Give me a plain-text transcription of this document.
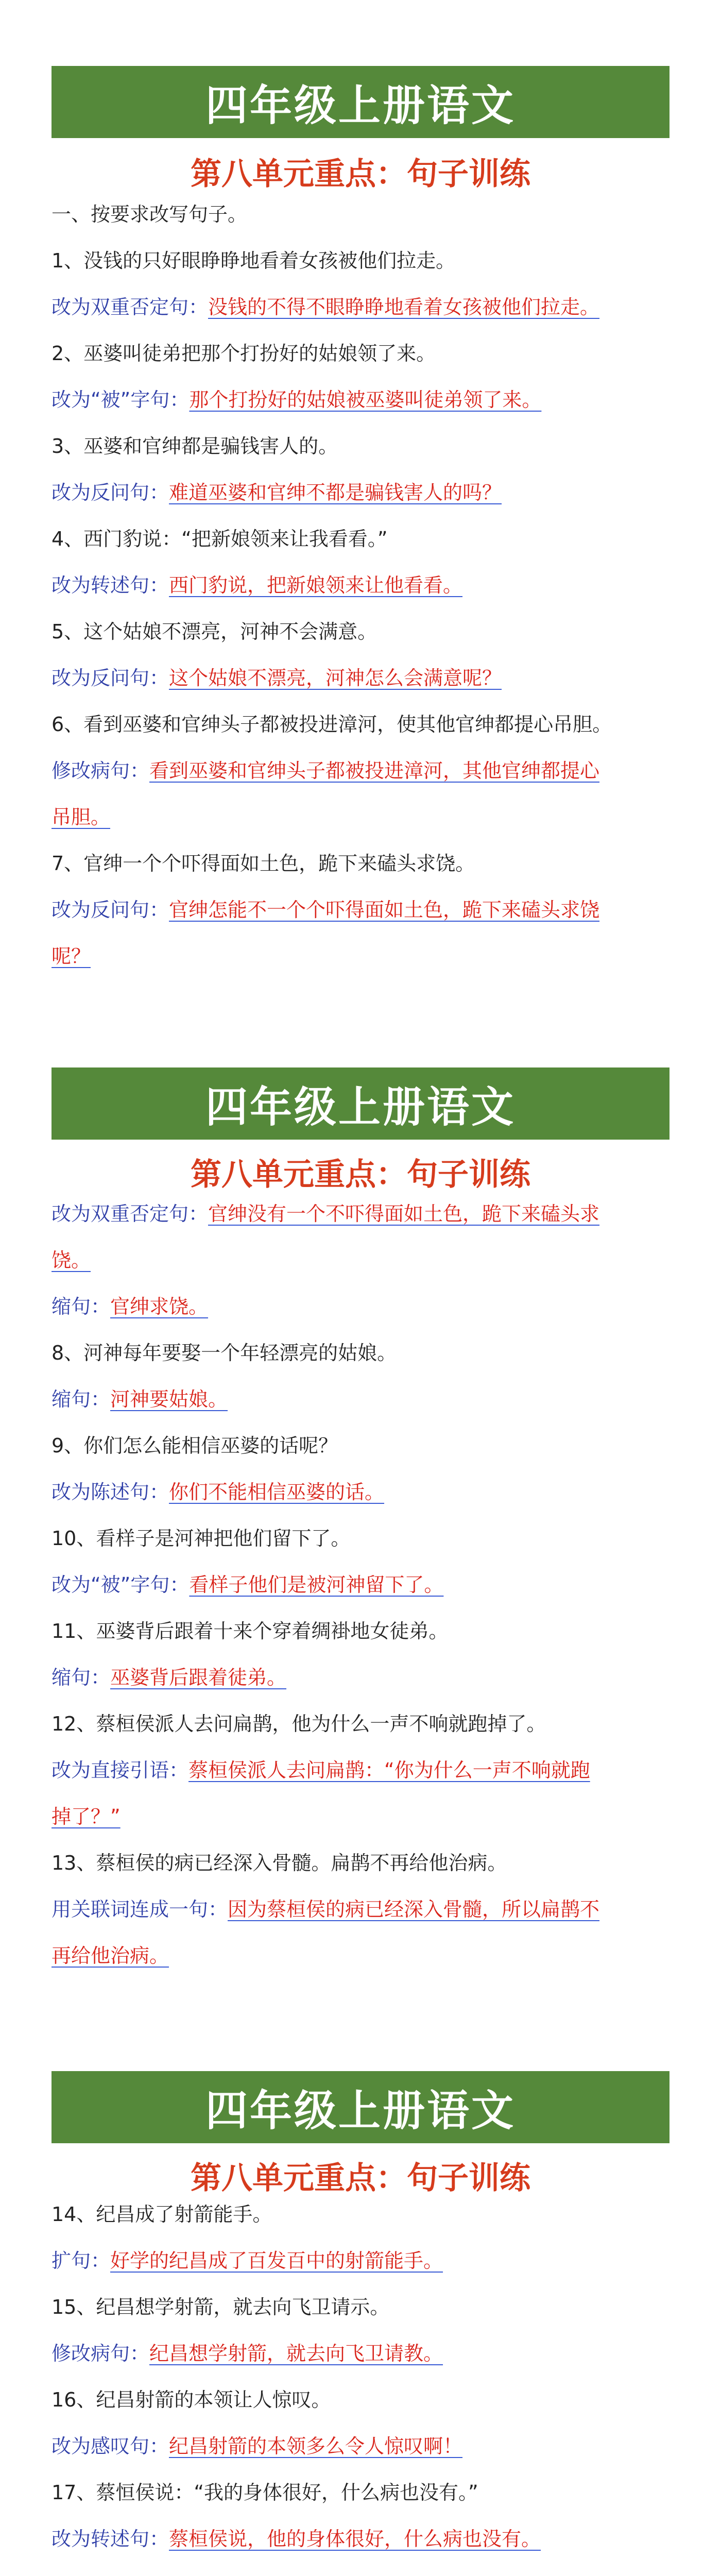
四年级上册语文
第八单元重点：句子训练
一、按要求改写句子。
1、没钱的只好眼睁睁地看着女孩被他们拉走。
改为双重否定句：没钱的不得不眼睁睁地看着女孩被他们拉走。
2、巫婆叫徒弟把那个打扮好的姑娘领了来。
改为“被”字句：那个打扮好的姑娘被巫婆叫徒弟领了来。
3、巫婆和官绅都是骗钱害人的。
改为反问句：难道巫婆和官绅不都是骗钱害人的吗？
4、西门豹说：“把新娘领来让我看看。”
改为转述句：西门豹说，把新娘领来让他看看。
5、这个姑娘不漂亮，河神不会满意。
改为反问句：这个姑娘不漂亮，河神怎么会满意呢？
6、看到巫婆和官绅头子都被投进漳河，使其他官绅都提心吊胆。
修改病句：看到巫婆和官绅头子都被投进漳河，其他官绅都提心
吊胆。
7、官绅一个个吓得面如土色，跪下来磕头求饶。
改为反问句：官绅怎能不一个个吓得面如土色，跪下来磕头求饶
呢？
四年级上册语文
第八单元重点：句子训练
改为双重否定句：官绅没有一个不吓得面如土色，跪下来磕头求
饶。
缩句：官绅求饶。
8、河神每年要娶一个年轻漂亮的姑娘。
缩句：河神要姑娘。
9、你们怎么能相信巫婆的话呢？
改为陈述句：你们不能相信巫婆的话。
10、看样子是河神把他们留下了。
改为“被”字句：看样子他们是被河神留下了。
11、巫婆背后跟着十来个穿着绸褂地女徒弟。
缩句：巫婆背后跟着徒弟。
12、蔡桓侯派人去问扁鹊，他为什么一声不响就跑掉了。
改为直接引语：蔡桓侯派人去问扁鹊：“你为什么一声不响就跑
掉了？”
13、蔡桓侯的病已经深入骨髓。扁鹊不再给他治病。
用关联词连成一句：因为蔡桓侯的病已经深入骨髓，所以扁鹊不
再给他治病。
四年级上册语文
第八单元重点：句子训练
14、纪昌成了射箭能手。
扩句：好学的纪昌成了百发百中的射箭能手。
15、纪昌想学射箭，就去向飞卫请示。
修改病句：纪昌想学射箭，就去向飞卫请教。
16、纪昌射箭的本领让人惊叹。
改为感叹句：纪昌射箭的本领多么令人惊叹啊！
17、蔡恒侯说：“我的身体很好，什么病也没有。”
改为转述句：蔡桓侯说，他的身体很好，什么病也没有。
